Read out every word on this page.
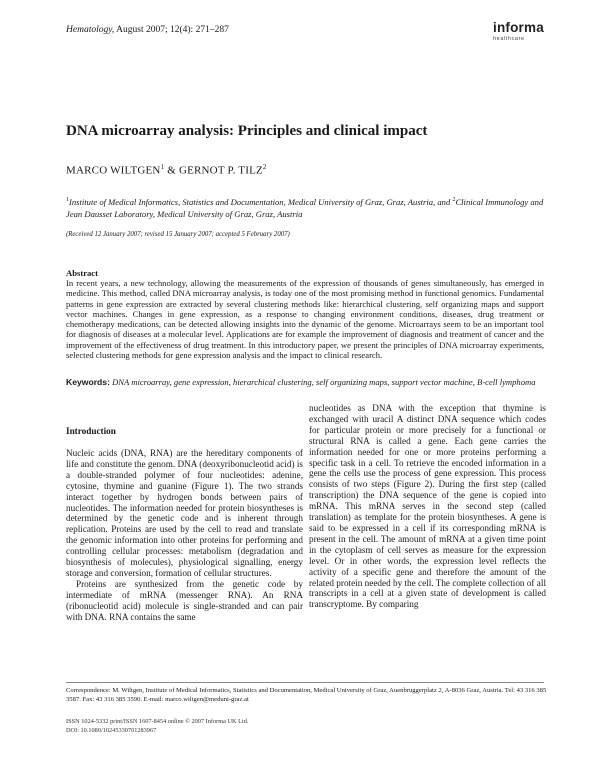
Hematology, August 2007; 12(4): 271–287	informa
healthcare
DNA microarray analysis: Principles and clinical impact
MARCO WILTGEN$^1$ & GERNOT P. TILZ$^2$
$^1$Institute of Medical Informatics, Statistics and Documentation, Medical University of Graz, Graz, Austria, and $^2$Clinical Immunology and Jean Dausset Laboratory, Medical University of Graz, Graz, Austria
(Received 12 January 2007; revised 15 January 2007; accepted 5 February 2007)
Abstract
In recent years, a new technology, allowing the measurements of the expression of thousands of genes simultaneously, has emerged in medicine. This method, called DNA microarray analysis, is today one of the most promising method in functional genomics. Fundamental patterns in gene expression are extracted by several clustering methods like: hierarchical clustering, self organizing maps and support vector machines. Changes in gene expression, as a response to changing environment conditions, diseases, drug treatment or chemotherapy medications, can be detected allowing insights into the dynamic of the genome. Microarrays seem to be an important tool for diagnosis of diseases at a molecular level. Applications are for example the improvement of diagnosis and treatment of cancer and the improvement of the effectiveness of drug treatment. In this introductory paper, we present the principles of DNA microarray experiments, selected clustering methods for gene expression analysis and the impact to clinical research.
Keywords: DNA microarray, gene expression, hierarchical clustering, self organizing maps, support vector machine, B-cell lymphoma
Introduction

Nucleic acids (DNA, RNA) are the hereditary components of life and constitute the genom. DNA (deoxyribonucleotid acid) is a double-stranded polymer of four nucleotides: adenine, cytosine, thymine and guanine (Figure 1). The two strands interact together by hydrogen bonds between pairs of nucleotides. The information needed for protein biosyntheses is determined by the genetic code and is inherent through replication. Proteins are used by the cell to read and translate the genomic information into other proteins for performing and controlling cellular processes: metabolism (degradation and biosynthesis of molecules), physiological signalling, energy storage and conversion, formation of cellular structures.

Proteins are synthesized from the genetic code by intermediate of mRNA (messenger RNA). An RNA (ribonucleotid acid) molecule is single-stranded and can pair with DNA. RNA contains the same

nucleotides as DNA with the exception that thymine is exchanged with uracil A distinct DNA sequence which codes for particular protein or more precisely for a functional or structural RNA is called a gene. Each gene carries the information needed for one or more proteins performing a specific task in a cell. To retrieve the encoded information in a gene the cells use the process of gene expression. This process consists of two steps (Figure 2). During the first step (called transcription) the DNA sequence of the gene is copied into mRNA. This mRNA serves in the second step (called translation) as template for the protein biosyntheses. A gene is said to be expressed in a cell if its corresponding mRNA is present in the cell. The amount of mRNA at a given time point in the cytoplasm of cell serves as measure for the expression level. Or in other words, the expression level reflects the activity of a specific gene and therefore the amount of the related protein needed by the cell. The complete collection of all transcripts in a cell at a given state of development is called transcryptome. By comparing

Correspondence: M. Wiltgen, Institute of Medical Informatics, Statistics and Documentation, Medical University of Graz, Auenbruggerplatz 2, A-8036 Graz, Austria. Tel: 43 316 385 3587. Fax: 43 316 385 3590. E-mail: marco.wiltgen@meduni-graz.at
ISSN 1024-5332 print/ISSN 1607-8454 online © 2007 Informa UK Ltd.
DOI: 10.1080/10245330701283967
